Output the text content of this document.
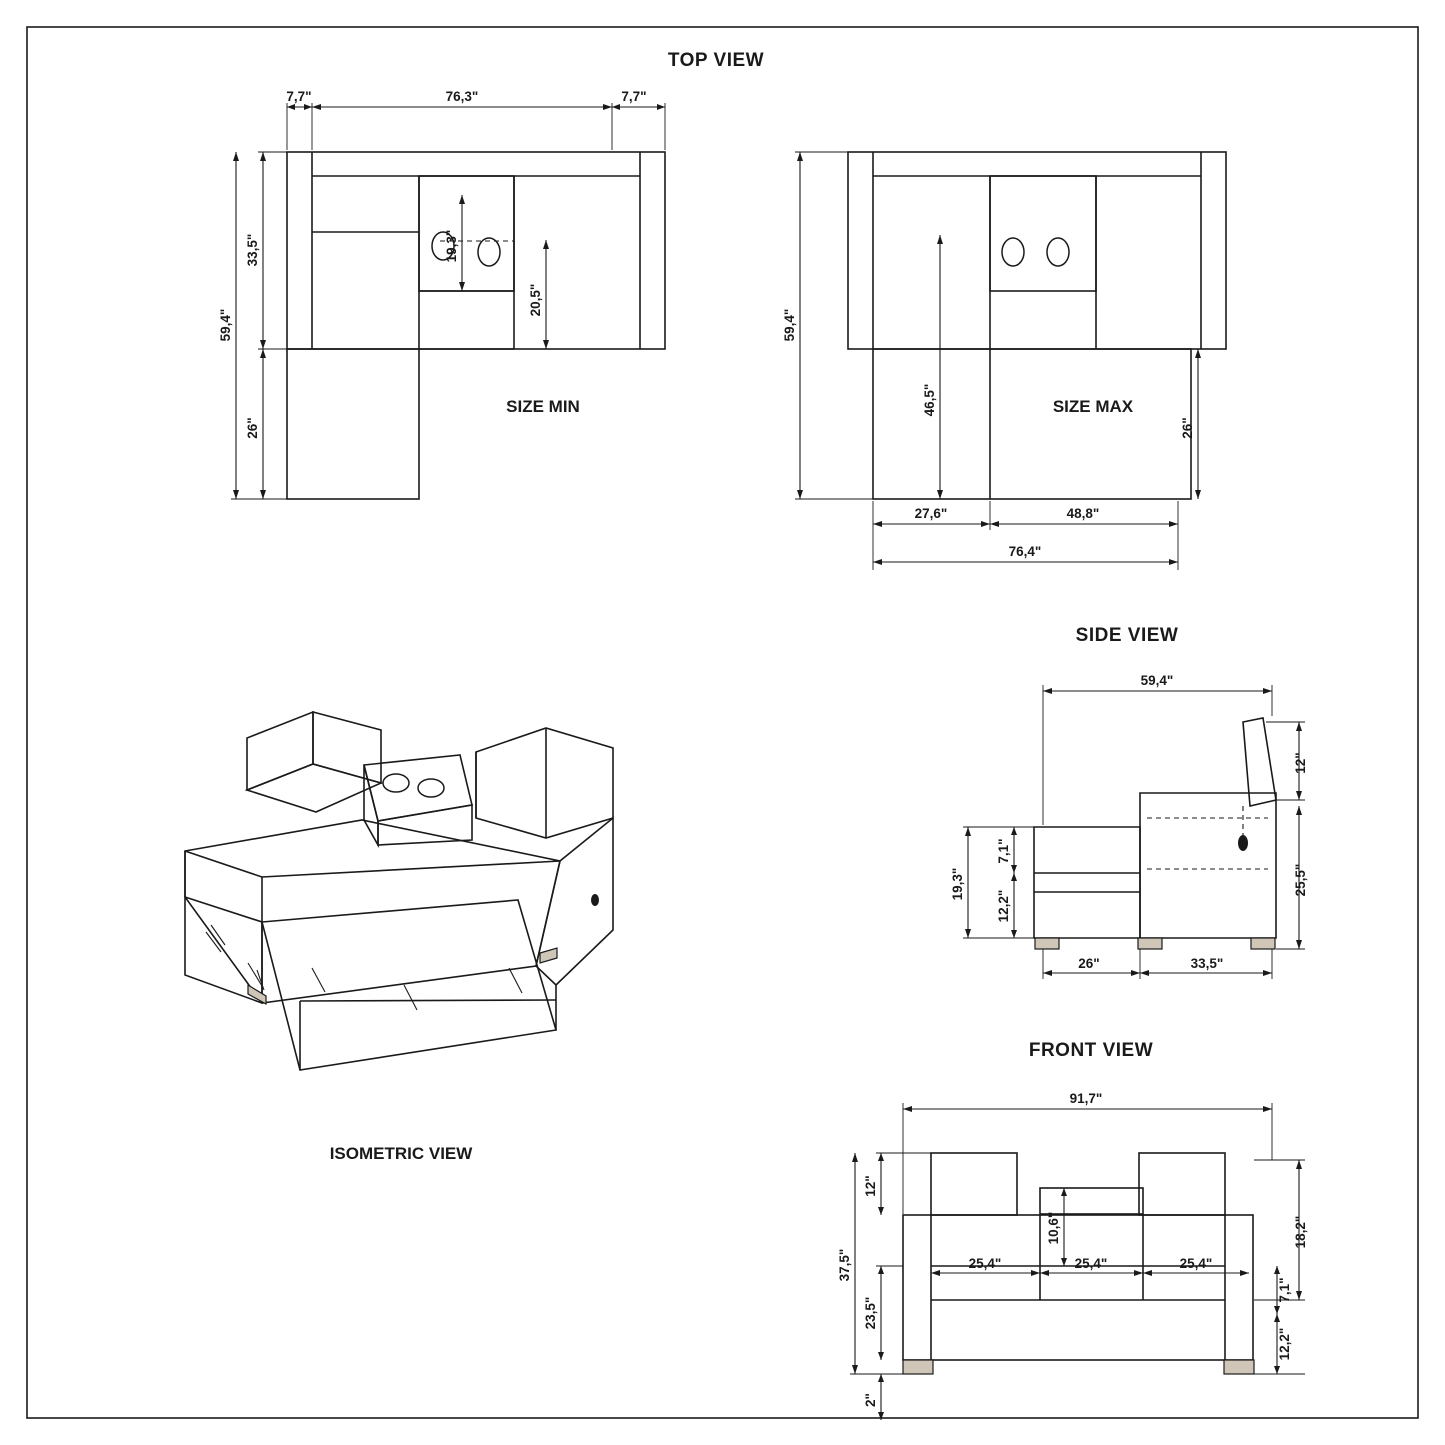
TOP VIEW
7,7"	76,3"	7,7"
33,5"
59,4"
26"
19,3"
20,5"
SIZE MIN
59,4"
46,5"
26"
27,6"	48,8"
76,4"
SIZE MAX
SIDE VIEW
59,4"
12"
25,5"
19,3"
7,1"
12,2"
26"	33,5"
FRONT VIEW
91,7"
12"
10,6"
37,5"
23,5"
2"
18,2"
7,1"
12,2"
25,4"	25,4"	25,4"
ISOMETRIC VIEW
